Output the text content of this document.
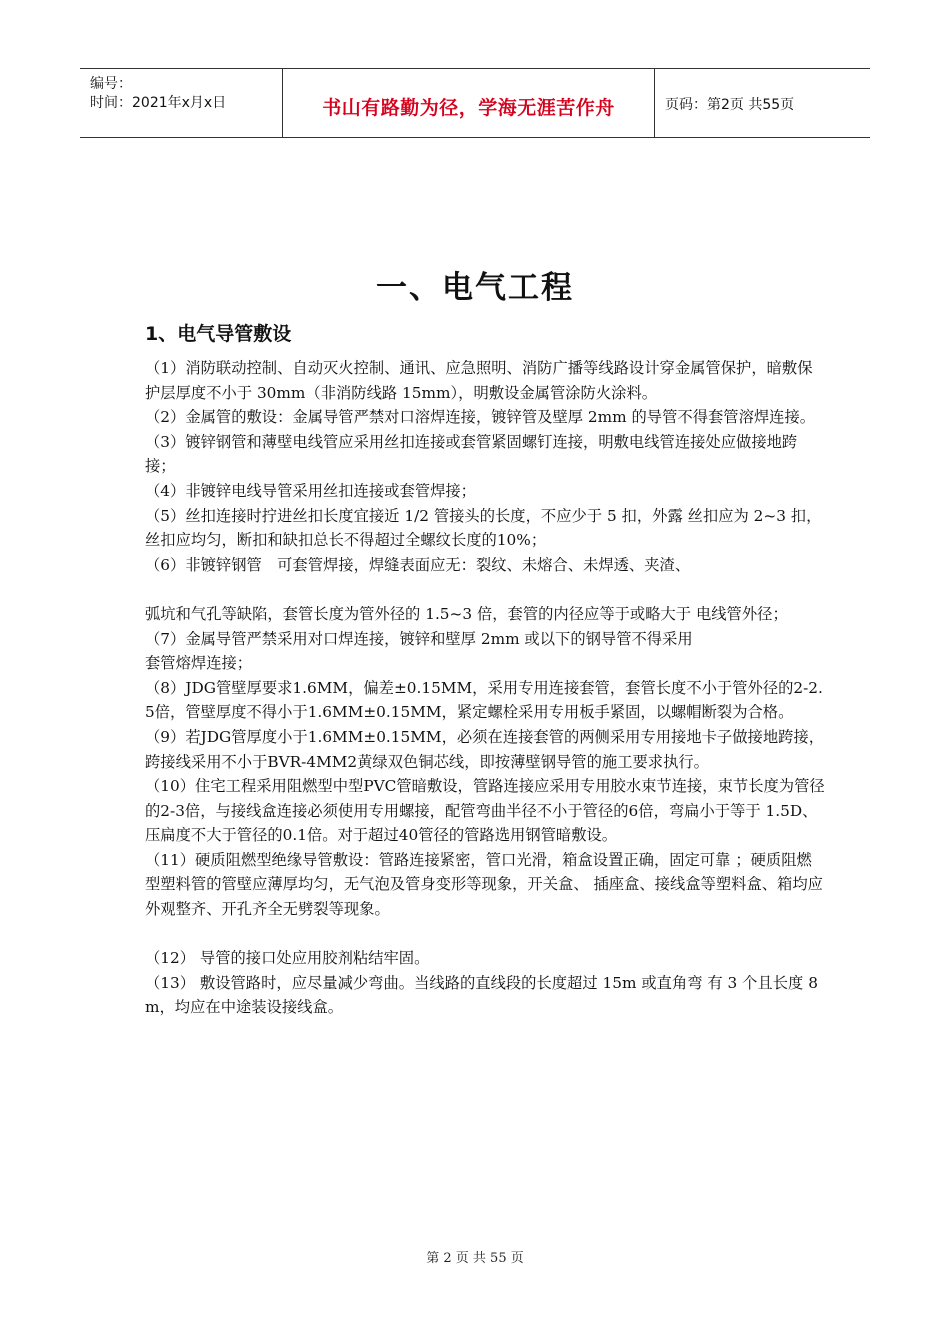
编号：
时间：2021年x月x日	书山有路勤为径，学海无涯苦作舟	页码：第2页 共55页
一、电气工程
1、电气导管敷设

（1）消防联动控制、自动灭火控制、通讯、应急照明、消防广播等线路设计穿金属管保护，暗敷保护层厚度不小于 30mm（非消防线路 15mm），明敷设金属管涂防火涂料。

（2）金属管的敷设：金属导管严禁对口溶焊连接，镀锌管及壁厚 2mm 的导管不得套管溶焊连接。

（3）镀锌钢管和薄壁电线管应采用丝扣连接或套管紧固螺钉连接，明敷电线管连接处应做接地跨接；

（4）非镀锌电线导管采用丝扣连接或套管焊接；

（5）丝扣连接时拧进丝扣长度宜接近 1/2 管接头的长度，不应少于 5 扣，外露 丝扣应为 2~3 扣，丝扣应均匀，断扣和缺扣总长不得超过全螺纹长度的10%；

（6）非镀锌钢管　可套管焊接，焊缝表面应无：裂纹、未熔合、未焊透、夹渣、

弧坑和气孔等缺陷，套管长度为管外径的 1.5~3 倍，套管的内径应等于或略大于 电线管外径；

（7）金属导管严禁采用对口焊连接，镀锌和壁厚 2mm 或以下的钢导管不得采用

套管熔焊连接；

（8）JDG管壁厚要求1.6MM，偏差±0.15MM，采用专用连接套管，套管长度不小于管外径的2-2.5倍，管壁厚度不得小于1.6MM±0.15MM，紧定螺栓采用专用板手紧固，以螺帽断裂为合格。

（9）若JDG管厚度小于1.6MM±0.15MM，必须在连接套管的两侧采用专用接地卡子做接地跨接，跨接线采用不小于BVR-4MM2黄绿双色铜芯线，即按薄壁钢导管的施工要求执行。

（10）住宅工程采用阻燃型中型PVC管暗敷设，管路连接应采用专用胶水束节连接，束节长度为管径的2-3倍，与接线盒连接必须使用专用螺接，配管弯曲半径不小于管径的6倍，弯扁小于等于 1.5D、压扁度不大于管径的0.1倍。对于超过40管径的管路选用钢管暗敷设。

（11）硬质阻燃型绝缘导管敷设：管路连接紧密，管口光滑，箱盒设置正确，固定可靠 ；硬质阻燃型塑料管的管壁应薄厚均匀，无气泡及管身变形等现象，开关盒、 插座盒、接线盒等塑料盒、箱均应外观整齐、开孔齐全无劈裂等现象。

（12） 导管的接口处应用胶剂粘结牢固。

（13） 敷设管路时，应尽量减少弯曲。当线路的直线段的长度超过 15m 或直角弯 有 3 个且长度 8m，均应在中途装设接线盒。

第 2 页 共 55 页
